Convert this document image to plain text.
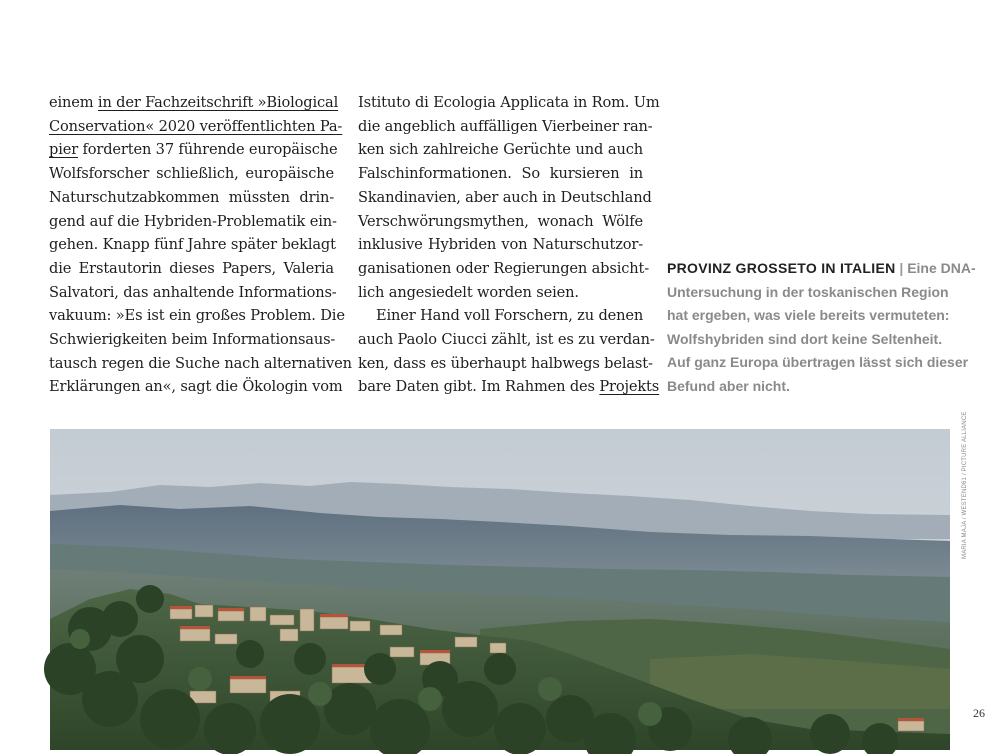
einem in der Fachzeitschrift »Biological
Conservation« 2020 veröffentlichten Pa-
pier forderten 37 führende europäische
Wolfsforscher schließlich, europäische
Naturschutzabkommen müssten drin-
gend auf die Hybriden-Problematik ein-
gehen. Knapp fünf Jahre später beklagt
die Erstautorin dieses Papers, Valeria
Salvatori, das anhaltende Informations-
vakuum: »Es ist ein großes Problem. Die
Schwierigkeiten beim Informationsaus-
tausch regen die Suche nach alternativen
Erklärungen an«, sagt die Ökologin vom

Istituto di Ecologia Applicata in Rom. Um
die angeblich auffälligen Vierbeiner ran-
ken sich zahlreiche Gerüchte und auch
Falschinformationen. So kursieren in
Skandinavien, aber auch in Deutschland
Verschwörungsmythen, wonach Wölfe
inklusive Hybriden von Naturschutzor-
ganisationen oder Regierungen absicht-
lich angesiedelt worden seien.
Einer Hand voll Forschern, zu denen
auch Paolo Ciucci zählt, ist es zu verdan-
ken, dass es überhaupt halbwegs belast-
bare Daten gibt. Im Rahmen des Projekts

PROVINZ GROSSETO IN ITALIEN | Eine DNA-
Untersuchung in der toskanischen Region
hat ergeben, was viele bereits vermuteten:
Wolfshybriden sind dort keine Seltenheit.
Auf ganz Europa übertragen lässt sich dieser
Befund aber nicht.
MARIA MAJA / WESTEND61 / PICTURE ALLIANCE
26
